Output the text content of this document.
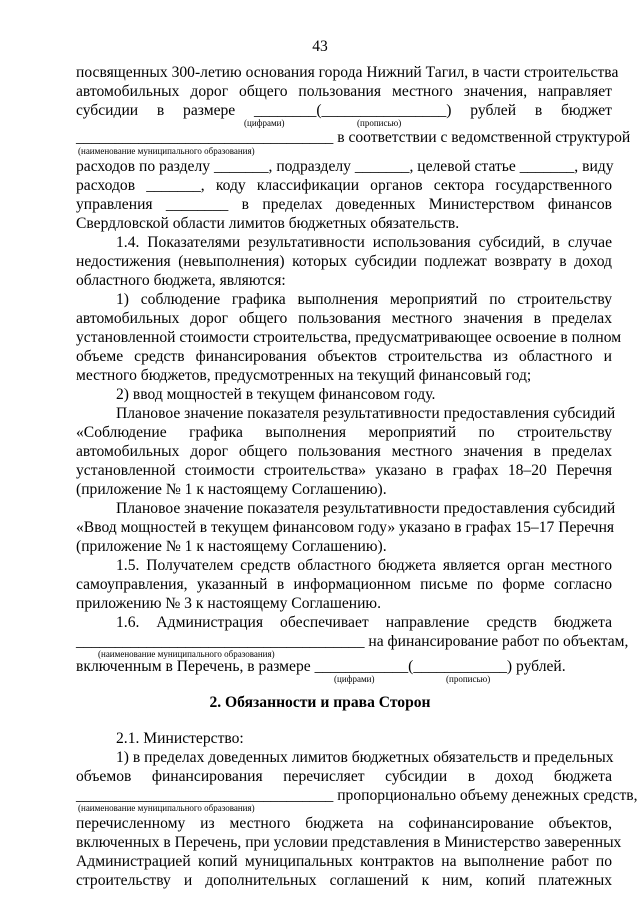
43
посвященных 300-летию основания города Нижний Тагил, в части строительства
автомобильных дорог общего пользования местного значения, направляет
субсидии в размере ________(________________) рублей в бюджет
(цифрами)	(прописью)
_________________________________ в соответствии с ведомственной структурой
(наименование муниципального образования)
расходов по разделу _______, подразделу _______, целевой статье _______, виду
расходов _______, коду классификации органов сектора государственного
управления ________ в пределах доведенных Министерством финансов
Свердловской области лимитов бюджетных обязательств.
1.4. Показателями результативности использования субсидий, в случае
недостижения (невыполнения) которых субсидии подлежат возврату в доход
областного бюджета, являются:
1) соблюдение графика выполнения мероприятий по строительству
автомобильных дорог общего пользования местного значения в пределах
установленной стоимости строительства, предусматривающее освоение в полном
объеме средств финансирования объектов строительства из областного и
местного бюджетов, предусмотренных на текущий финансовый год;
2) ввод мощностей в текущем финансовом году.
Плановое значение показателя результативности предоставления субсидий
«Соблюдение графика выполнения мероприятий по строительству
автомобильных дорог общего пользования местного значения в пределах
установленной стоимости строительства» указано в графах 18–20 Перечня
(приложение № 1 к настоящему Соглашению).
Плановое значение показателя результативности предоставления субсидий
«Ввод мощностей в текущем финансовом году» указано в графах 15–17 Перечня
(приложение № 1 к настоящему Соглашению).
1.5. Получателем средств областного бюджета является орган местного
самоуправления, указанный в информационном письме по форме согласно
приложению № 3 к настоящему Соглашению.
1.6. Администрация обеспечивает направление средств бюджета
_____________________________________ на финансирование работ по объектам,
(наименование муниципального образования)
включенным в Перечень, в размере ____________(____________) рублей.
(цифрами)	(прописью)
2. Обязанности и права Сторон
2.1. Министерство:
1) в пределах доведенных лимитов бюджетных обязательств и предельных
объемов финансирования перечисляет субсидии в доход бюджета
_________________________________ пропорционально объему денежных средств,
(наименование муниципального образования)
перечисленному из местного бюджета на софинансирование объектов,
включенных в Перечень, при условии представления в Министерство заверенных
Администрацией копий муниципальных контрактов на выполнение работ по
строительству и дополнительных соглашений к ним, копий платежных
